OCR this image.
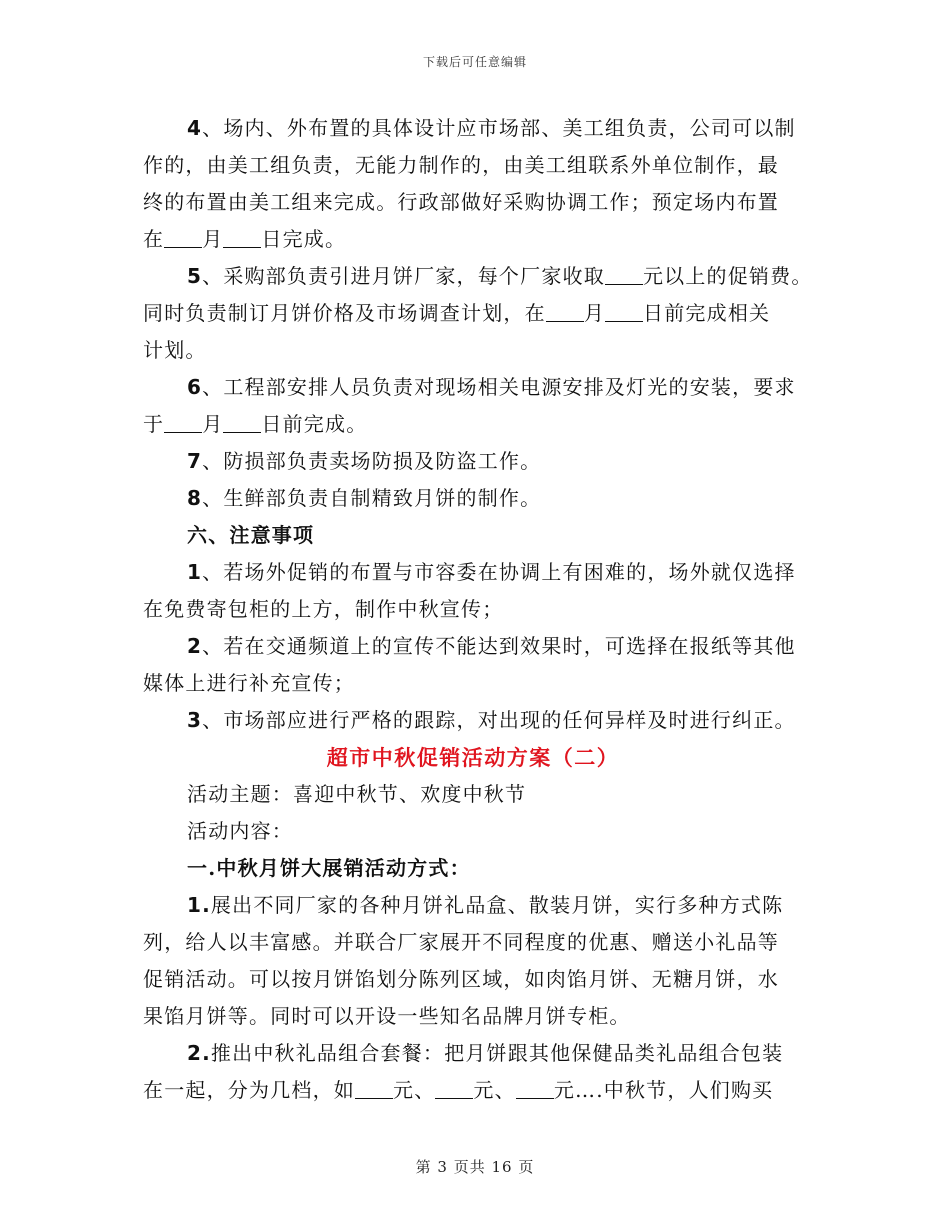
下载后可任意编辑
4、场内、外布置的具体设计应市场部、美工组负责，公司可以制
作的，由美工组负责，无能力制作的，由美工组联系外单位制作，最
终的布置由美工组来完成。行政部做好采购协调工作；预定场内布置
在 月 日完成。
5、采购部负责引进月饼厂家，每个厂家收取 元以上的促销费。
同时负责制订月饼价格及市场调查计划，在 月 日前完成相关
计划。
6、工程部安排人员负责对现场相关电源安排及灯光的安装，要求
于 月 日前完成。
7、防损部负责卖场防损及防盗工作。
8、生鲜部负责自制精致月饼的制作。
六、注意事项
1、若场外促销的布置与市容委在协调上有困难的，场外就仅选择
在免费寄包柜的上方，制作中秋宣传；
2、若在交通频道上的宣传不能达到效果时，可选择在报纸等其他
媒体上进行补充宣传；
3、市场部应进行严格的跟踪，对出现的任何异样及时进行纠正。
超市中秋促销活动方案（二）
活动主题：喜迎中秋节、欢度中秋节
活动内容：
一.中秋月饼大展销活动方式：
1.展出不同厂家的各种月饼礼品盒、散装月饼，实行多种方式陈
列，给人以丰富感。并联合厂家展开不同程度的优惠、赠送小礼品等
促销活动。可以按月饼馅划分陈列区域，如肉馅月饼、无糖月饼，水
果馅月饼等。同时可以开设一些知名品牌月饼专柜。
2.推出中秋礼品组合套餐：把月饼跟其他保健品类礼品组合包装
在一起，分为几档，如 元、 元、 元….中秋节，人们购买
第 3 页共 16 页
